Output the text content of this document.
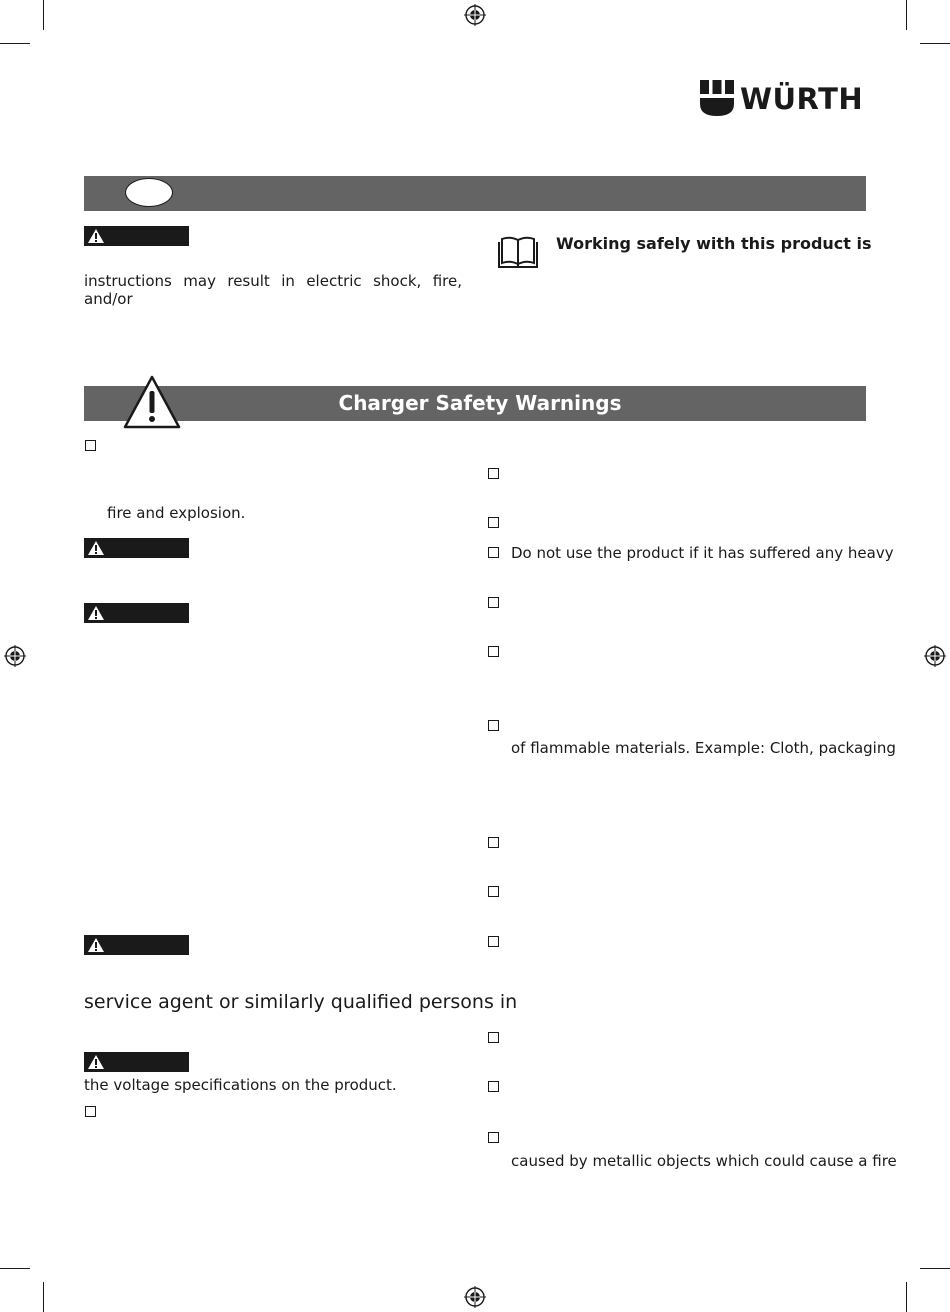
WÜRTH
Working safely with this product is
instructions may result in electric shock, fire, and/or
Charger Safety Warnings
fire and explosion.
service agent or similarly qualified persons in
the voltage specifications on the product.
Do not use the product if it has suffered any heavy
of flammable materials. Example: Cloth, packaging
caused by metallic objects which could cause a fire
